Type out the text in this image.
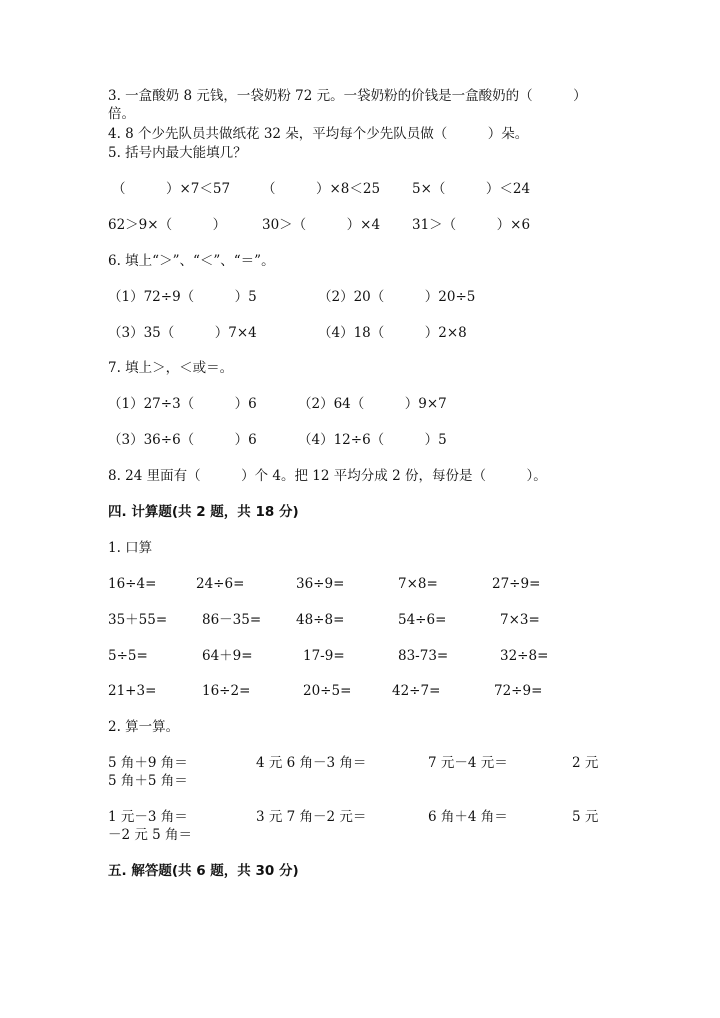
3. 一盒酸奶 8 元钱，一袋奶粉 72 元。一袋奶粉的价钱是一盒酸奶的（　　　）
倍。
4. 8 个少先队员共做纸花 32 朵，平均每个少先队员做（　　　）朵。
5. 括号内最大能填几？
（　　　）×7＜57 （　　　）×8＜25 5×（　　　）＜24
62＞9×（　　　）	30＞（　　　）×4 31＞（　　　）×6
6. 填上“＞”、“＜”、“＝”。
（1）72÷9（　　　）5	（2）20（　　　）20÷5
（3）35（　　　）7×4	（4）18（　　　）2×8
7. 填上＞，＜或＝。
（1）27÷3（　　　）6	（2）64（　　　）9×7
（3）36÷6（　　　）6	（4）12÷6（　　　）5
8. 24 里面有（　　　）个 4。把 12 平均分成 2 份，每份是（　　　）。
四. 计算题(共 2 题，共 18 分)
1. 口算
16÷4=	24÷6=	36÷9=	7×8=	27÷9=
35＋55=	86－35=	48÷8=	54÷6=	7×3=
5÷5=	64＋9=	17-9=	83-73=	32÷8=
21+3=	16÷2=	20÷5=	42÷7=	72÷9=
2. 算一算。
5 角＋9 角＝	4 元 6 角－3 角＝	7 元－4 元＝	2 元
5 角＋5 角＝
1 元－3 角＝	3 元 7 角－2 元＝	6 角＋4 角＝	5 元
－2 元 5 角＝
五. 解答题(共 6 题，共 30 分)
